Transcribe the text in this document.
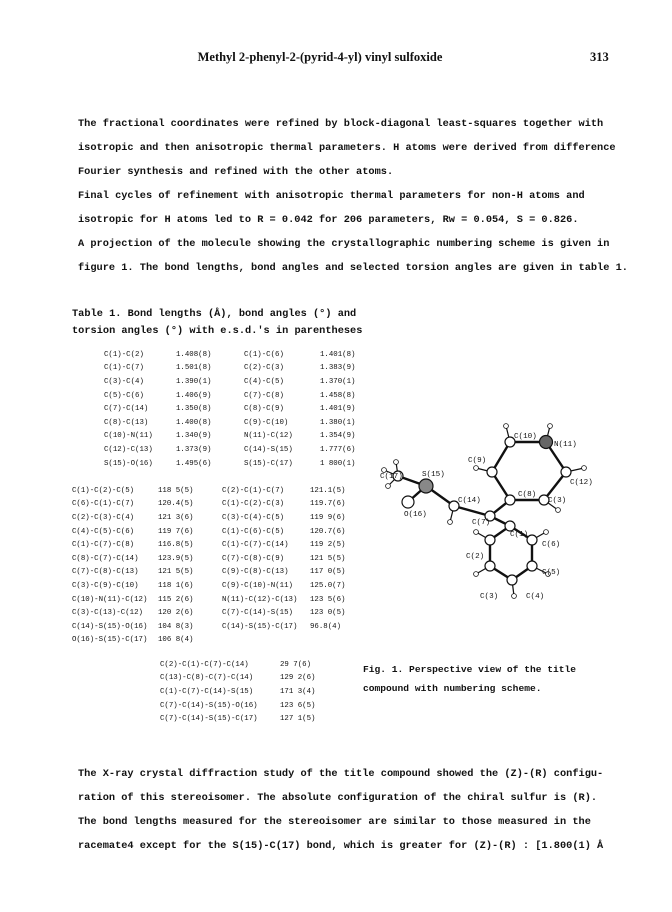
Methyl 2-phenyl-2-(pyrid-4-yl) vinyl sulfoxide	313
The fractional coordinates were refined by block-diagonal least-squares together with
isotropic and then anisotropic thermal parameters. H atoms were derived from difference
Fourier synthesis and refined with the other atoms.
Final cycles of refinement with anisotropic thermal parameters for non-H atoms and
isotropic for H atoms led to R = 0.042 for 206 parameters, Rw = 0.054, S = 0.826.
A projection of the molecule showing the crystallographic numbering scheme is given in
figure 1. The bond lengths, bond angles and selected torsion angles are given in table 1.
Table 1. Bond lengths (Å), bond angles (°) and
torsion angles (°) with e.s.d.'s in parentheses
C(1)-C(2)	1.408(8)	C(1)-C(6)	1.401(8)
C(1)-C(7)	1.501(8)	C(2)-C(3)	1.383(9)
C(3)-C(4)	1.390(1)	C(4)-C(5)	1.370(1)
C(5)-C(6)	1.406(9)	C(7)-C(8)	1.458(8)
C(7)-C(14)	1.350(8)	C(8)-C(9)	1.401(9)
C(8)-C(13)	1.400(8)	C(9)-C(10)	1.380(1)
C(10)-N(11)	1.340(9)	N(11)-C(12)	1.354(9)
C(12)-C(13)	1.373(9)	C(14)-S(15)	1.777(6)
S(15)-O(16)	1.495(6)	S(15)-C(17)	1 800(1)
C(1)-C(2)-C(5)	118 5(5)	C(2)-C(1)-C(7)	121.1(5)
C(6)-C(1)-C(7)	120.4(5)	C(1)-C(2)-C(3)	119.7(6)
C(2)-C(3)-C(4)	121 3(6)	C(3)-C(4)-C(5)	119 9(6)
C(4)-C(5)-C(6)	119 7(6)	C(1)-C(6)-C(5)	120.7(6)
C(1)-C(7)-C(8)	116.8(5)	C(1)-C(7)-C(14)	119 2(5)
C(8)-C(7)-C(14)	123.9(5)	C(7)-C(8)-C(9)	121 5(5)
C(7)-C(8)-C(13)	121 5(5)	C(9)-C(8)-C(13)	117 0(5)
C(3)-C(9)-C(10)	118 1(6)	C(9)-C(10)-N(11)	125.0(7)
C(10)-N(11)-C(12)	115 2(6)	N(11)-C(12)-C(13)	123 5(6)
C(3)-C(13)-C(12)	120 2(6)	C(7)-C(14)-S(15)	123 0(5)
C(14)-S(15)-O(16)	104 8(3)	C(14)-S(15)-C(17)	96.8(4)
O(16)-S(15)-C(17)	106 8(4)		
C(2)-C(1)-C(7)-C(14)	29 7(6)
C(13)-C(8)-C(7)-C(14)	129 2(6)
C(1)-C(7)-C(14)-S(15)	171 3(4)
C(7)-C(14)-S(15)-O(16)	123 6(5)
C(7)-C(14)-S(15)-C(17)	127 1(5)
C(10)
N(11)
C(9)
C(12)
C(17)	S(15)
C(3)
C(8)
C(14)
O(16)
C(7)
C(1)
C(6)
C(2)
C(5)
C(3)	C(4)
Fig. 1. Perspective view of the title
compound with numbering scheme.
The X-ray crystal diffraction study of the title compound showed the (Z)-(R) configu-
ration of this stereoisomer. The absolute configuration of the chiral sulfur is (R).
The bond lengths measured for the stereoisomer are similar to those measured in the
racemate4 except for the S(15)-C(17) bond, which is greater for (Z)-(R) : [1.800(1) Å
